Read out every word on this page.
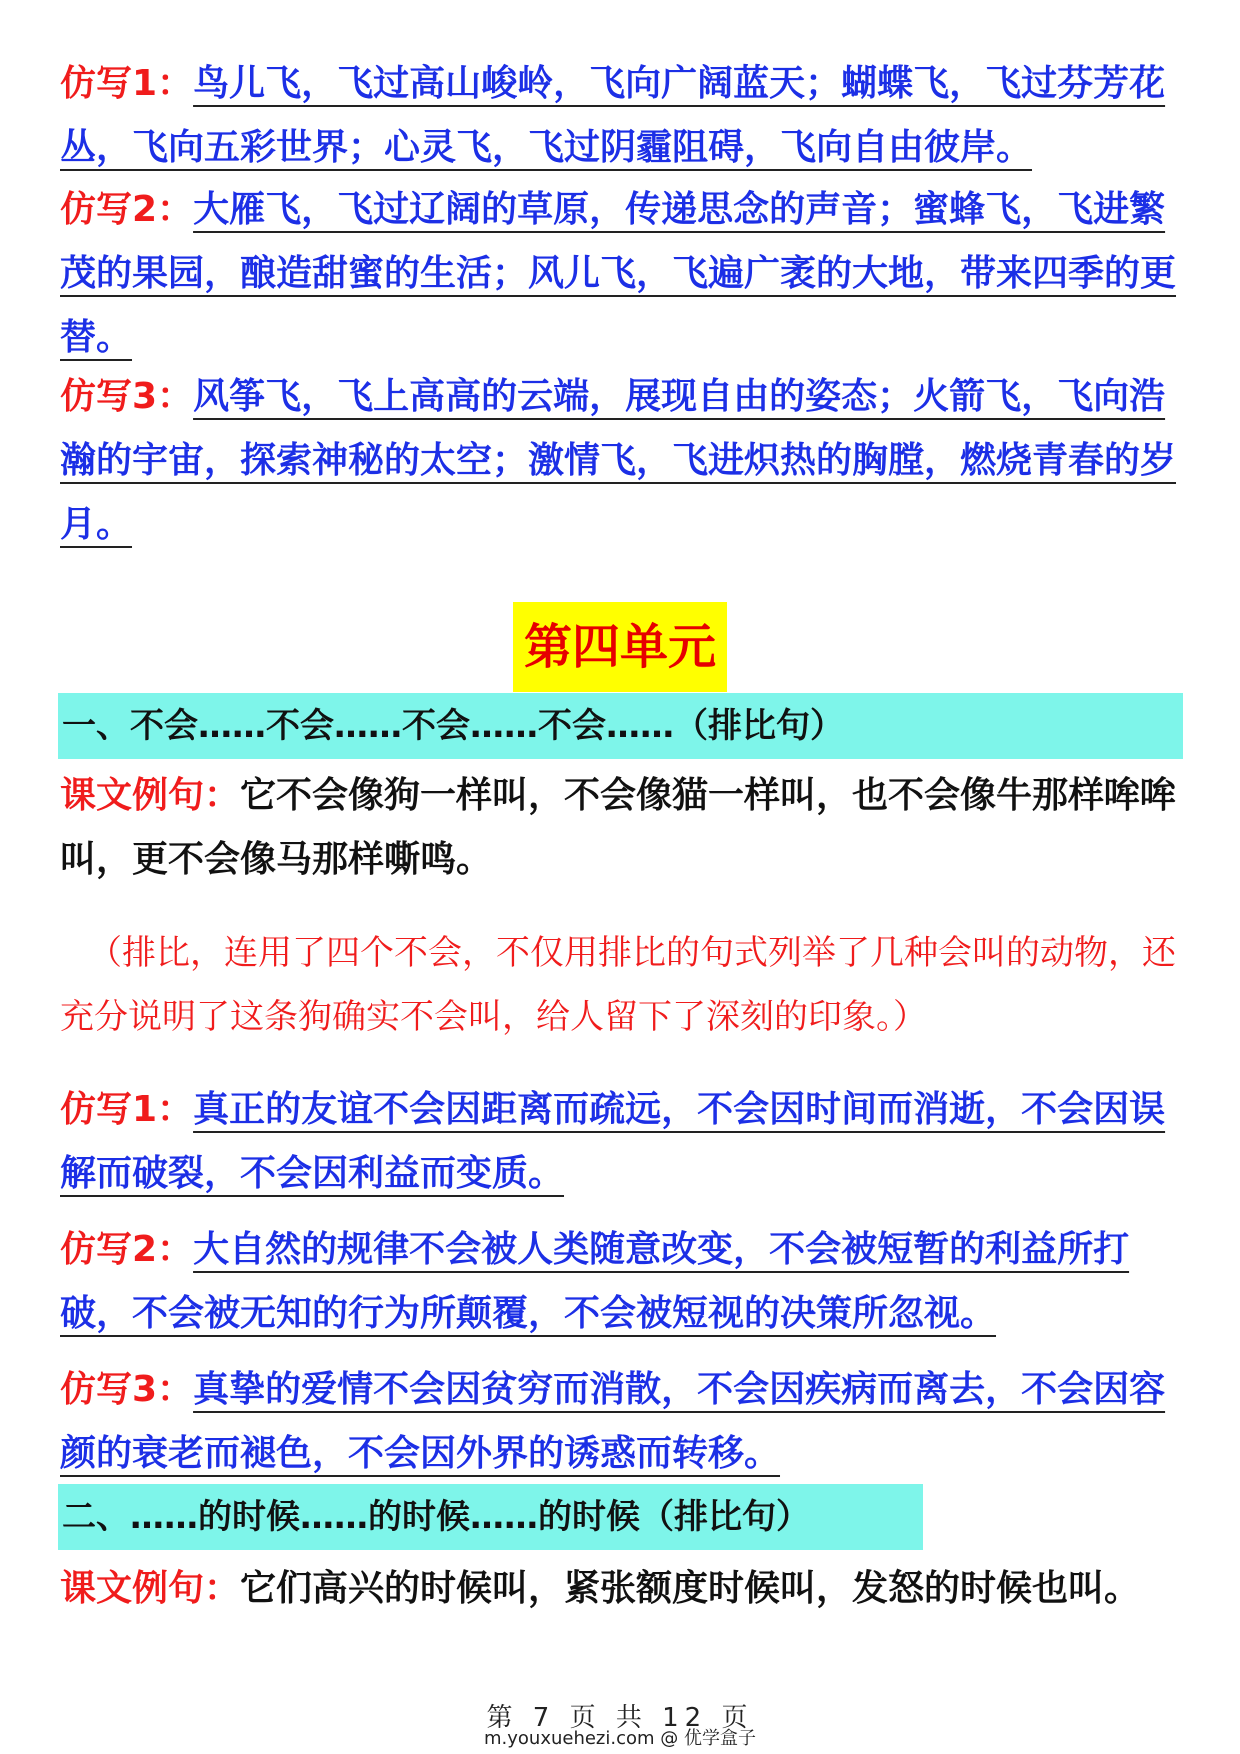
仿写1：鸟儿飞，飞过高山峻岭，飞向广阔蓝天；蝴蝶飞，飞过芬芳花丛，飞向五彩世界；心灵飞，飞过阴霾阻碍，飞向自由彼岸。

仿写2：大雁飞，飞过辽阔的草原，传递思念的声音；蜜蜂飞，飞进繁茂的果园，酿造甜蜜的生活；风儿飞，飞遍广袤的大地，带来四季的更替。

仿写3：风筝飞，飞上高高的云端，展现自由的姿态；火箭飞，飞向浩瀚的宇宙，探索神秘的太空；激情飞，飞进炽热的胸膛，燃烧青春的岁月。

第四单元
一、不会……不会……不会……不会……（排比句）

课文例句：它不会像狗一样叫，不会像猫一样叫，也不会像牛那样哞哞叫，更不会像马那样嘶鸣。

（排比，连用了四个不会，不仅用排比的句式列举了几种会叫的动物，还充分说明了这条狗确实不会叫，给人留下了深刻的印象。）

仿写1：真正的友谊不会因距离而疏远，不会因时间而消逝，不会因误解而破裂，不会因利益而变质。

仿写2：大自然的规律不会被人类随意改变，不会被短暂的利益所打破，不会被无知的行为所颠覆，不会被短视的决策所忽视。

仿写3：真挚的爱情不会因贫穷而消散，不会因疾病而离去，不会因容颜的衰老而褪色，不会因外界的诱惑而转移。

二、……的时候……的时候……的时候（排比句）

课文例句：它们高兴的时候叫，紧张额度时候叫，发怒的时候也叫。

第 7 页 共 12 页
m.youxuehezi.com @ 优学盒子
